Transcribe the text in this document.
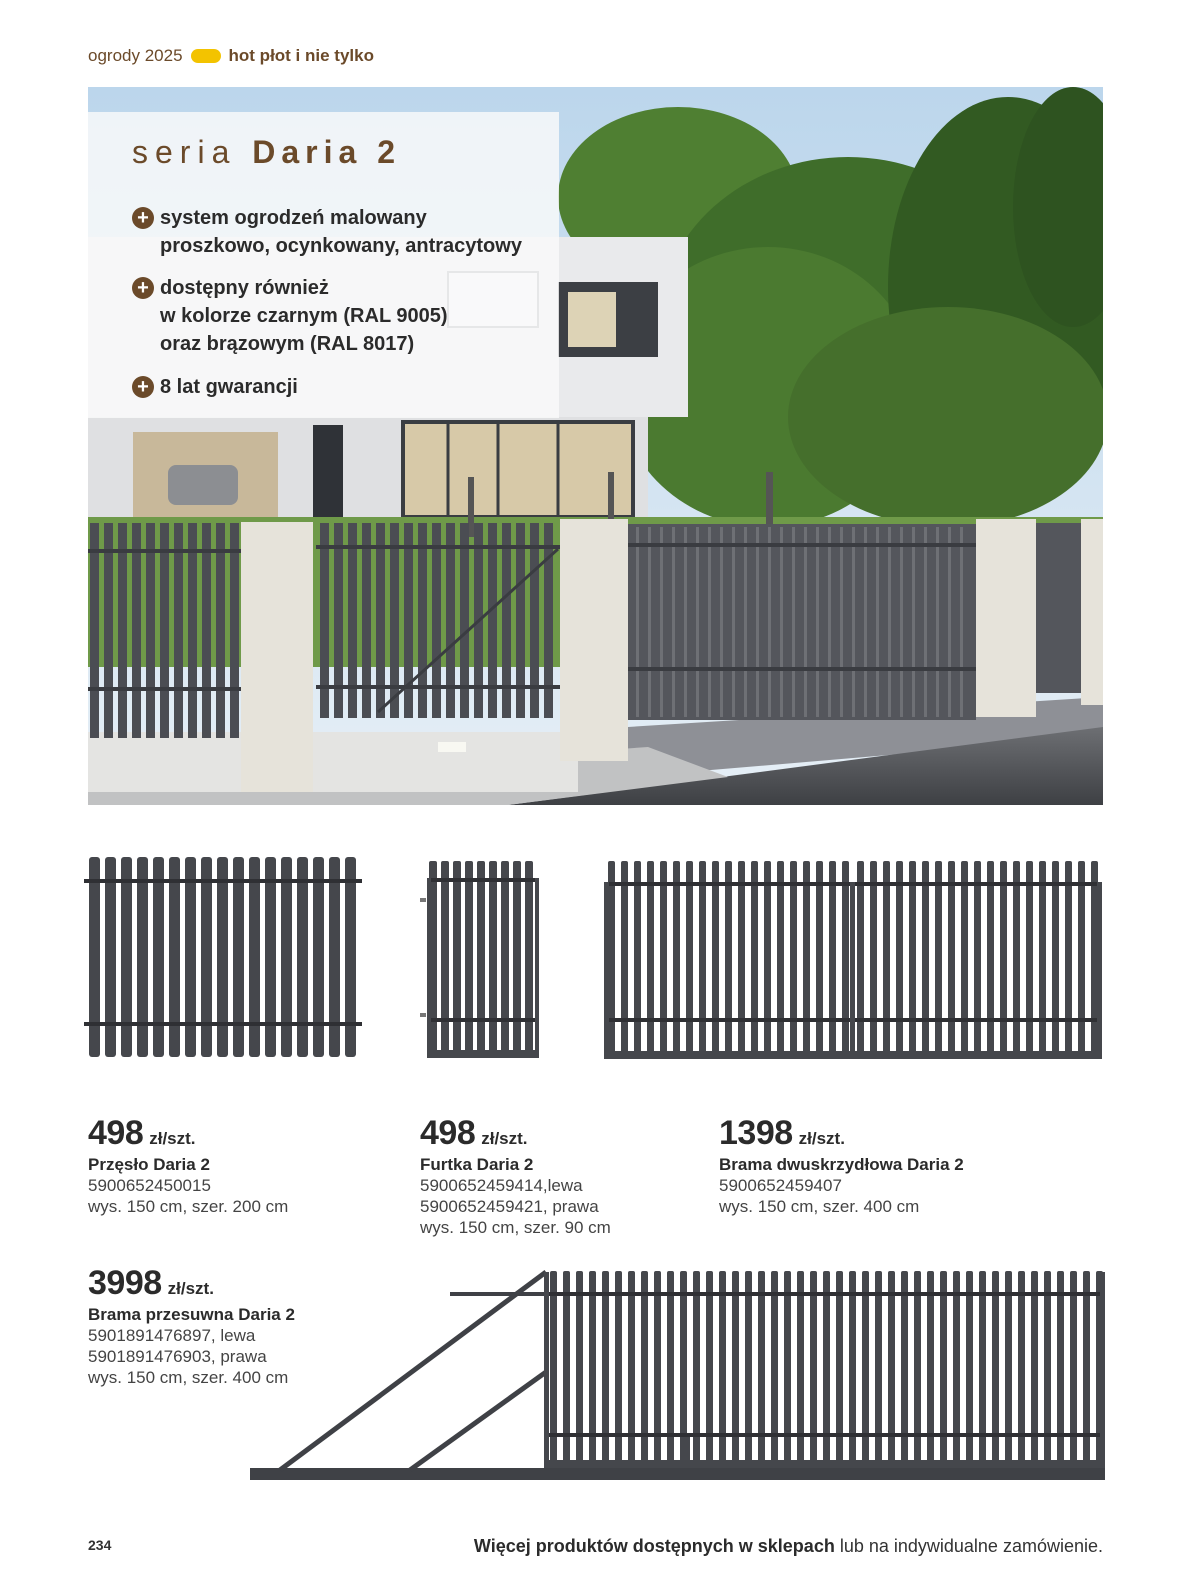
ogrody 2025	hot płot i nie tylko
seria Daria 2
+ system ogrodzeń malowany
proszkowo, ocynkowany, antracytowy
+ dostępny również
w kolorze czarnym (RAL 9005)
oraz brązowym (RAL 8017)
+ 8 lat gwarancji
498 zł/szt.
Przęsło Daria 2
5900652450015
wys. 150 cm, szer. 200 cm
498 zł/szt.
Furtka Daria 2
5900652459414,lewa
5900652459421, prawa
wys. 150 cm, szer. 90 cm
1398 zł/szt.
Brama dwuskrzydłowa Daria 2
5900652459407
wys. 150 cm, szer. 400 cm
3998 zł/szt.
Brama przesuwna Daria 2
5901891476897, lewa
5901891476903, prawa
wys. 150 cm, szer. 400 cm
234	Więcej produktów dostępnych w sklepach lub na indywidualne zamówienie.
